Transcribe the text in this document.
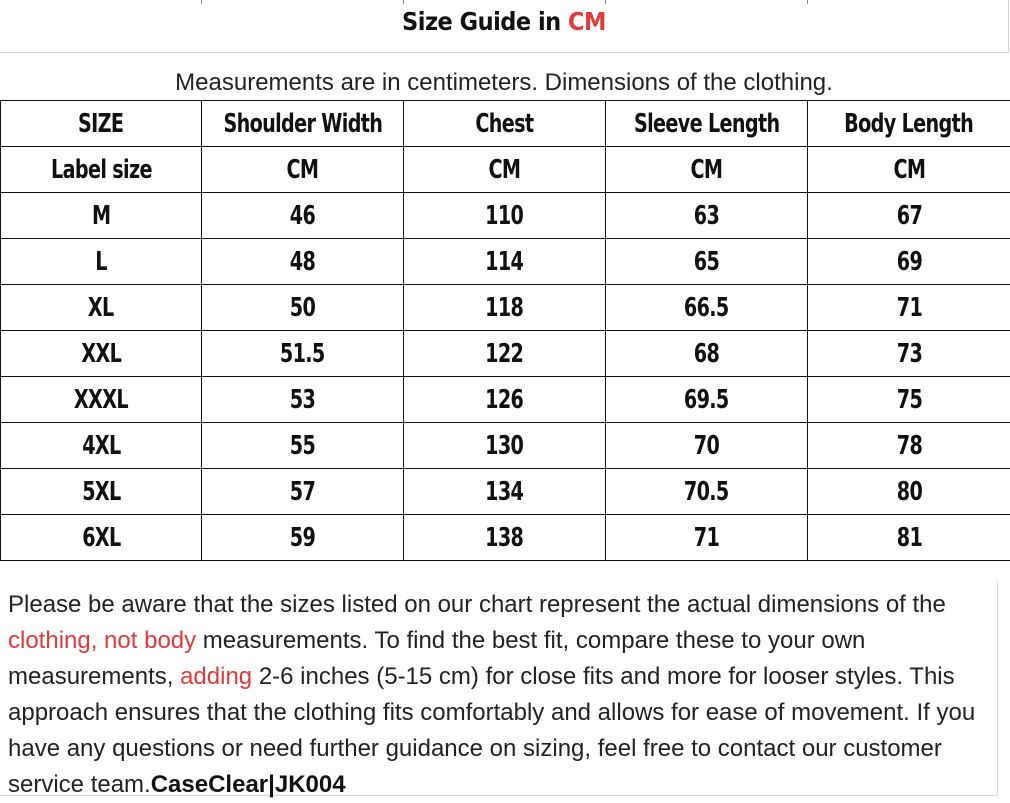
Size Guide in CM
Measurements are in centimeters. Dimensions of the clothing.
SIZE	Shoulder Width	Chest	Sleeve Length	Body Length
Label size	CM	CM	CM	CM
M	46	110	63	67
L	48	114	65	69
XL	50	118	66.5	71
XXL	51.5	122	68	73
XXXL	53	126	69.5	75
4XL	55	130	70	78
5XL	57	134	70.5	80
6XL	59	138	71	81
Please be aware that the sizes listed on our chart represent the actual dimensions of the clothing, not body measurements. To find the best fit, compare these to your own measurements, adding 2-6 inches (5-15 cm) for close fits and more for looser styles. This approach ensures that the clothing fits comfortably and allows for ease of movement. If you have any questions or need further guidance on sizing, feel free to contact our customer service team.CaseClear|JK004
